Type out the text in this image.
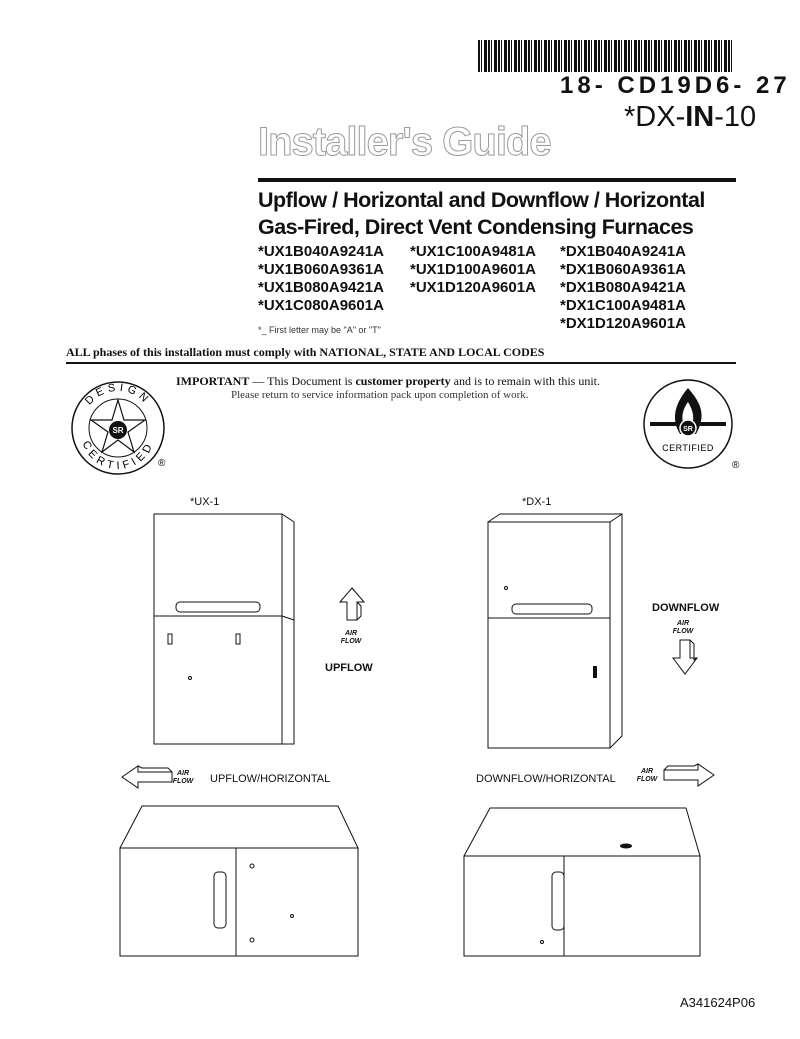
18- CD19D6- 27
*DX-IN-10
Installer's Guide
Upflow / Horizontal and Downflow / Horizontal
Gas-Fired, Direct Vent Condensing Furnaces
*UX1B040A9241A
*UX1B060A9361A
*UX1B080A9421A
*UX1C080A9601A
*UX1C100A9481A
*UX1D100A9601A
*UX1D120A9601A
*DX1B040A9241A
*DX1B060A9361A
*DX1B080A9421A
*DX1C100A9481A
*DX1D120A9601A
*_ First letter may be "A" or "T"
ALL phases of this installation must comply with NATIONAL, STATE AND LOCAL CODES
IMPORTANT — This Document is customer property and is to remain with this unit.
Please return to service information pack upon completion of work.
DESIGN
CERTIFIED
SR
®
SR
CERTIFIED
®
*UX-1
AIR
FLOW
UPFLOW
*DX-1
DOWNFLOW
AIR
FLOW
AIR
FLOW	UPFLOW/HORIZONTAL	DOWNFLOW/HORIZONTAL
AIR
FLOW
A341624P06
